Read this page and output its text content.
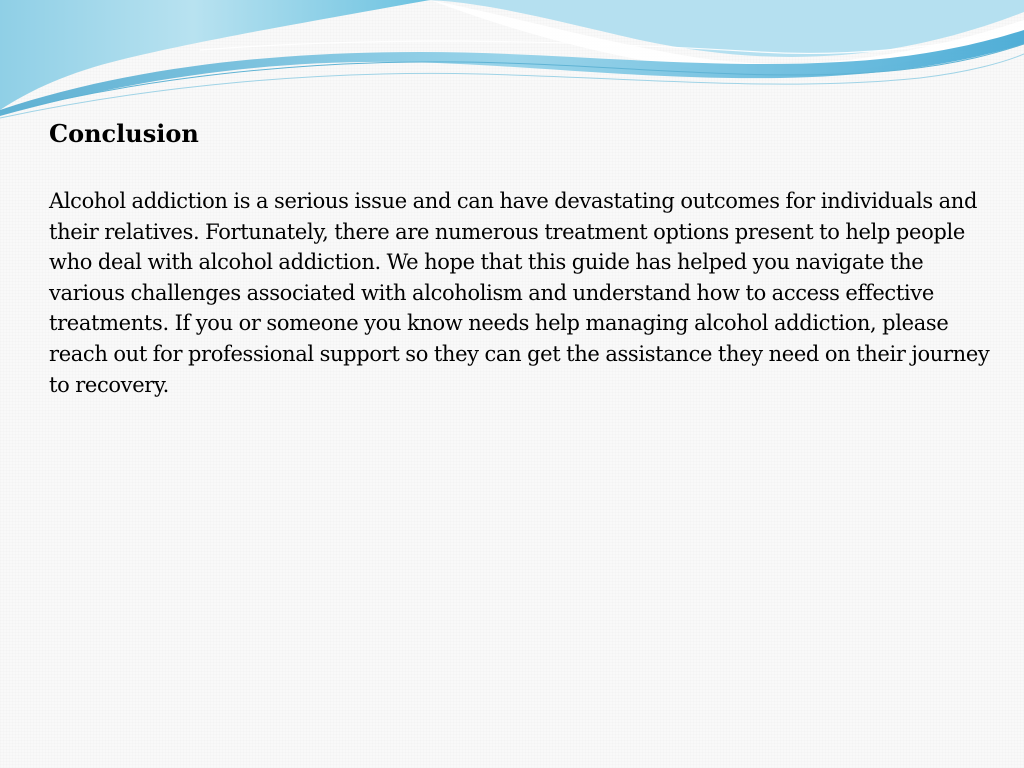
Conclusion

Alcohol addiction is a serious issue and can have devastating outcomes for individuals and their relatives. Fortunately, there are numerous treatment options present to help people who deal with alcohol addiction. We hope that this guide has helped you navigate the various challenges associated with alcoholism and understand how to access effective treatments. If you or someone you know needs help managing alcohol addiction, please reach out for professional support so they can get the assistance they need on their journey to recovery.
